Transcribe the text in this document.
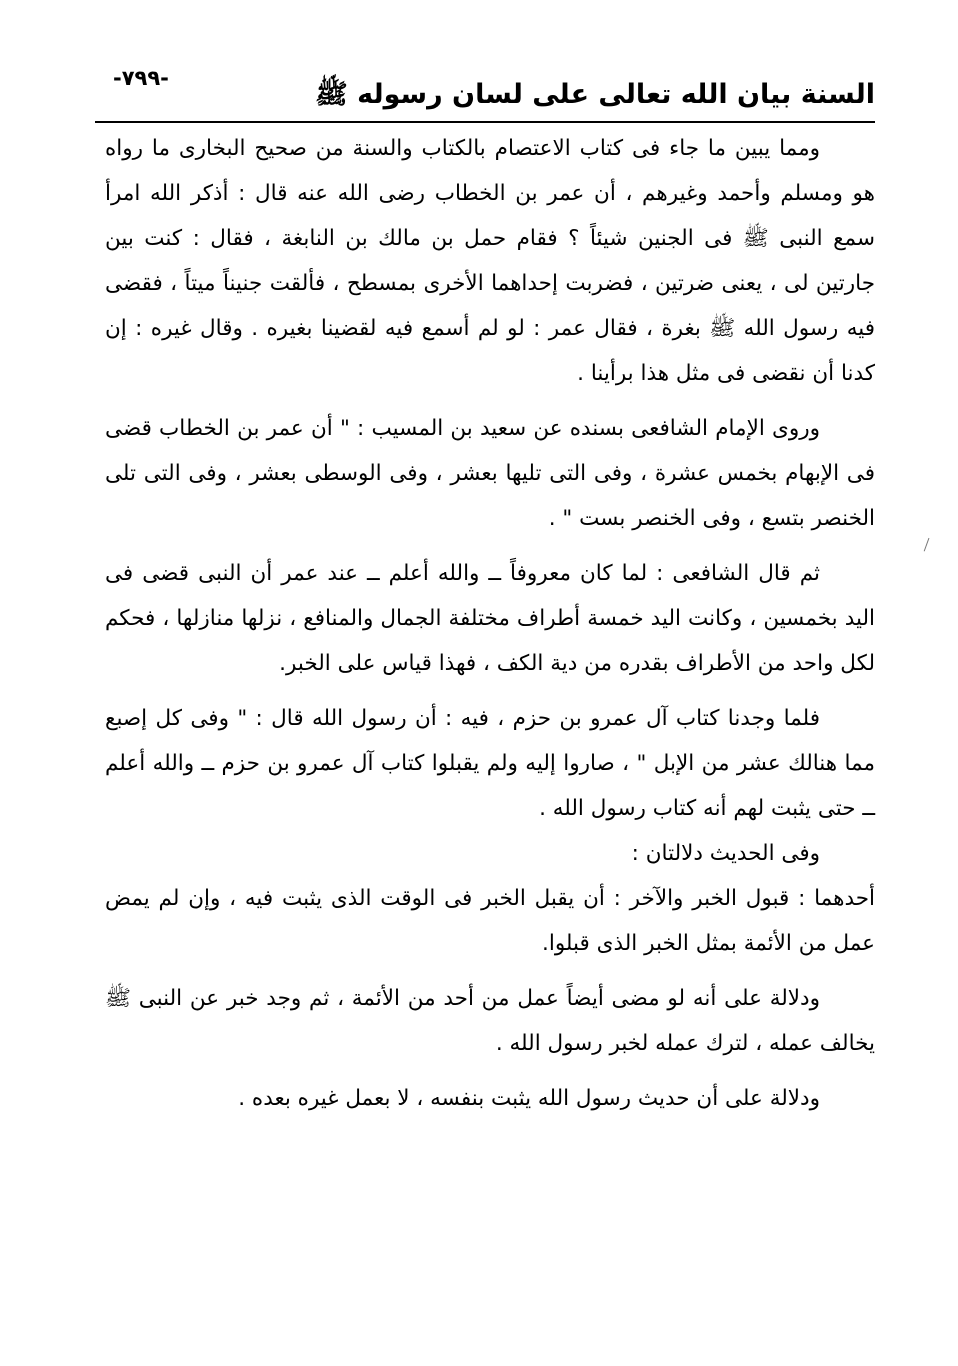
-٧٩٩-
السنة بيان الله تعالى على لسان رسوله ﷺ

ومما يبين ما جاء فى كتاب الاعتصام بالكتاب والسنة من صحيح البخارى ما رواه هو ومسلم وأحمد وغيرهم ، أن عمر بن الخطاب رضى الله عنه قال : أذكر الله امرأ سمع النبى ﷺ فى الجنين شيئاً ؟ فقام حمل بن مالك بن النابغة ، فقال : كنت بين جارتين لى ، يعنى ضرتين ، فضربت إحداهما الأخرى بمسطح ، فألقت جنيناً ميتاً ، فقضى فيه رسول الله ﷺ بغرة ، فقال عمر : لو لم أسمع فيه لقضينا بغيره . وقال غيره : إن كدنا أن نقضى فى مثل هذا برأينا .

وروى الإمام الشافعى بسنده عن سعيد بن المسيب : " أن عمر بن الخطاب قضى فى الإبهام بخمس عشرة ، وفى التى تليها بعشر ، وفى الوسطى بعشر ، وفى التى تلى الخنصر بتسع ، وفى الخنصر بست " .

ثم قال الشافعى : لما كان معروفاً ــ والله أعلم ــ عند عمر أن النبى قضى فى اليد بخمسين ، وكانت اليد خمسة أطراف مختلفة الجمال والمنافع ، نزلها منازلها ، فحكم لكل واحد من الأطراف بقدره من دية الكف ، فهذا قياس على الخبر.

فلما وجدنا كتاب آل عمرو بن حزم ، فيه : أن رسول الله قال : " وفى كل إصبع مما هنالك عشر من الإبل " ، صاروا إليه ولم يقبلوا كتاب آل عمرو بن حزم ــ والله أعلم ــ حتى يثبت لهم أنه كتاب رسول الله .

وفى الحديث دلالتان :

أحدهما : قبول الخبر والآخر : أن يقبل الخبر فى الوقت الذى يثبت فيه ، وإن لم يمض عمل من الأئمة بمثل الخبر الذى قبلوا.

ودلالة على أنه لو مضى أيضاً عمل من أحد من الأئمة ، ثم وجد خبر عن النبى ﷺ يخالف عمله ، لترك عمله لخبر رسول الله .

ودلالة على أن حديث رسول الله يثبت بنفسه ، لا بعمل غيره بعده .
